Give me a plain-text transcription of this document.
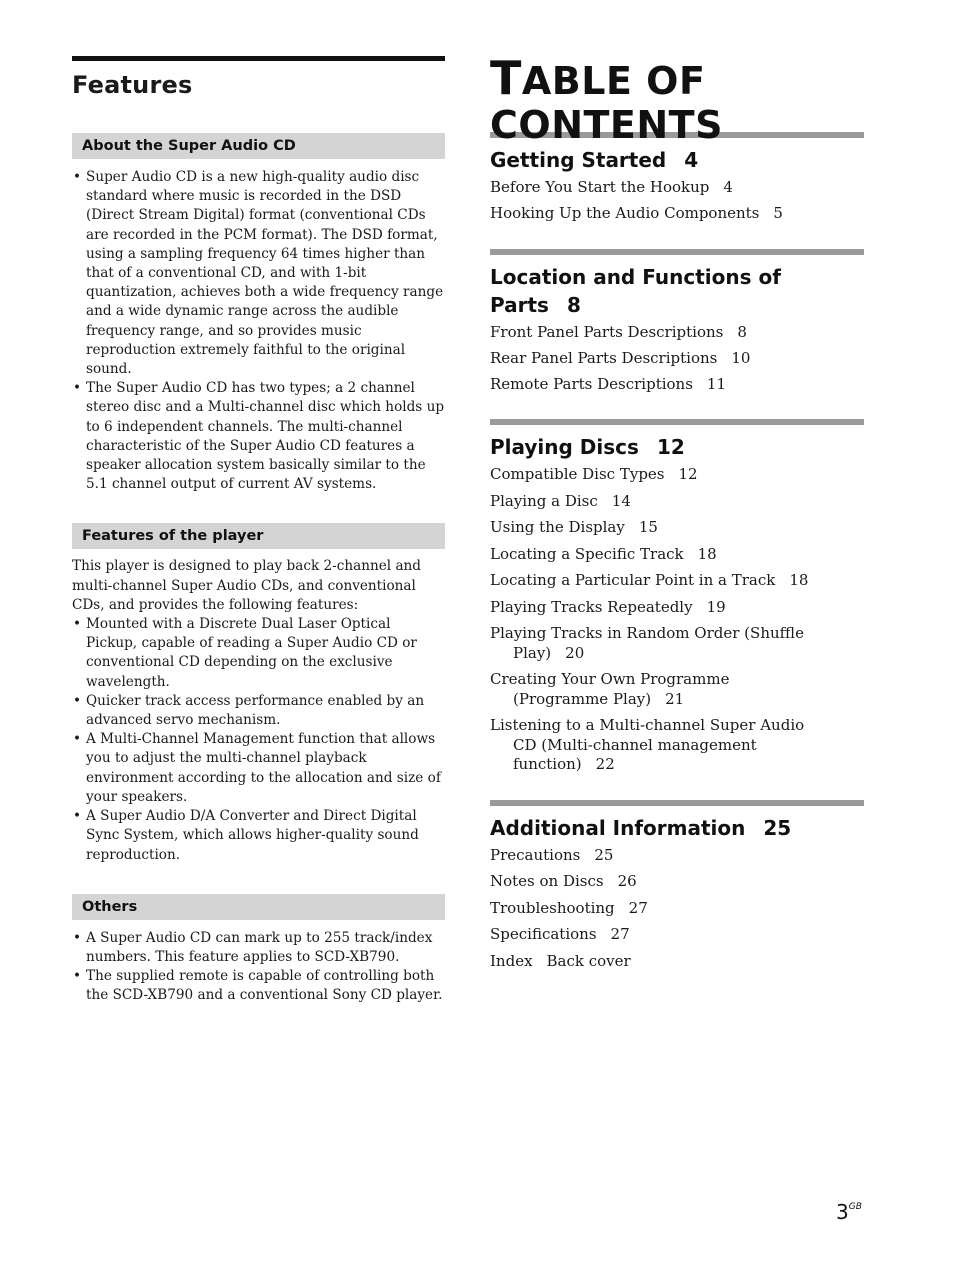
Features
About the Super Audio CD
• Super Audio CD is a new high-quality audio disc standard where music is recorded in the DSD (Direct Stream Digital) format (conventional CDs are recorded in the PCM format). The DSD format, using a sampling frequency 64 times higher than that of a conventional CD, and with 1-bit quantization, achieves both a wide frequency range and a wide dynamic range across the audible frequency range, and so provides music reproduction extremely faithful to the original sound.
• The Super Audio CD has two types; a 2 channel stereo disc and a Multi-channel disc which holds up to 6 independent channels. The multi-channel characteristic of the Super Audio CD features a speaker allocation system basically similar to the 5.1 channel output of current AV systems.
Features of the player
This player is designed to play back 2-channel and multi-channel Super Audio CDs, and conventional CDs, and provides the following features:
• Mounted with a Discrete Dual Laser Optical Pickup, capable of reading a Super Audio CD or conventional CD depending on the exclusive wavelength.
• Quicker track access performance enabled by an advanced servo mechanism.
• A Multi-Channel Management function that allows you to adjust the multi-channel playback environment according to the allocation and size of your speakers.
• A Super Audio D/A Converter and Direct Digital Sync System, which allows higher-quality sound reproduction.
Others
• A Super Audio CD can mark up to 255 track/index numbers. This feature applies to SCD-XB790.
• The supplied remote is capable of controlling both the SCD-XB790 and a conventional Sony CD player.
TABLE OF CONTENTS
Getting Started 4
Before You Start the Hookup 4
Hooking Up the Audio Components 5
Location and Functions of Parts 8
Front Panel Parts Descriptions 8
Rear Panel Parts Descriptions 10
Remote Parts Descriptions 11
Playing Discs 12
Compatible Disc Types 12
Playing a Disc 14
Using the Display 15
Locating a Specific Track 18
Locating a Particular Point in a Track 18
Playing Tracks Repeatedly 19
Playing Tracks in Random Order (Shuffle Play) 20
Creating Your Own Programme (Programme Play) 21
Listening to a Multi-channel Super Audio CD (Multi-channel management function) 22
Additional Information 25
Precautions 25
Notes on Discs 26
Troubleshooting 27
Specifications 27
Index Back cover
$3^{GB}$
